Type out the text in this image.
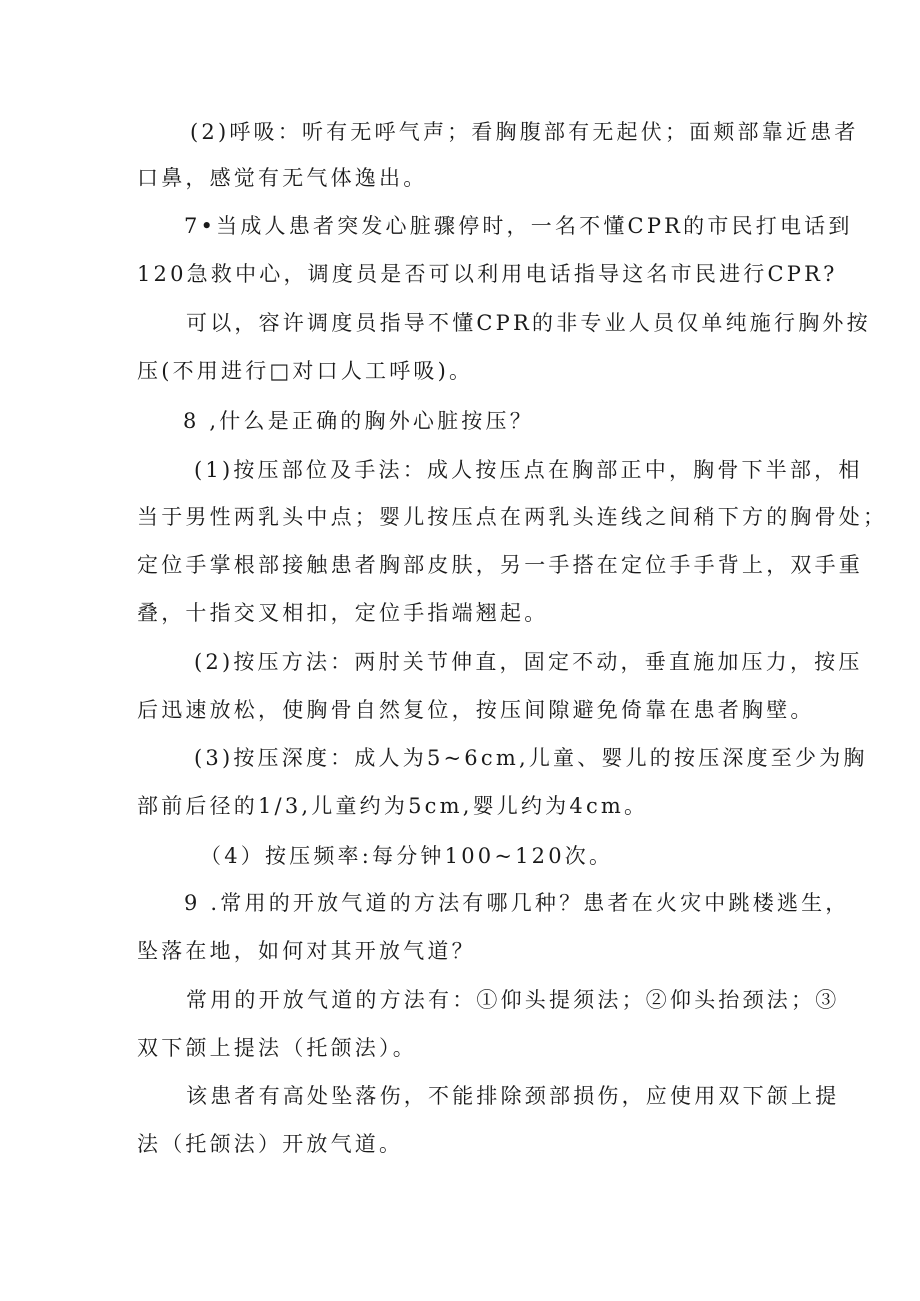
(2)呼吸：听有无呼气声；看胸腹部有无起伏；面颊部靠近患者
口鼻，感觉有无气体逸出。
7•当成人患者突发心脏骤停时，一名不懂CPR的市民打电话到
120急救中心，调度员是否可以利用电话指导这名市民进行CPR?
可以，容许调度员指导不懂CPR的非专业人员仅单纯施行胸外按
压(不用进行□对口人工呼吸)。
8 ,什么是正确的胸外心脏按压？
(1)按压部位及手法：成人按压点在胸部正中，胸骨下半部，相
当于男性两乳头中点；婴儿按压点在两乳头连线之间稍下方的胸骨处；
定位手掌根部接触患者胸部皮肤，另一手搭在定位手手背上，双手重
叠，十指交叉相扣，定位手指端翘起。
(2)按压方法：两肘关节伸直，固定不动，垂直施加压力，按压
后迅速放松，使胸骨自然复位，按压间隙避免倚靠在患者胸壁。
(3)按压深度：成人为5~6cm,儿童、婴儿的按压深度至少为胸
部前后径的1/3,儿童约为5cm,婴儿约为4cm。
（4）按压频率:每分钟100~120次。
9 .常用的开放气道的方法有哪几种？患者在火灾中跳楼逃生，
坠落在地，如何对其开放气道？
常用的开放气道的方法有：①仰头提须法；②仰头抬颈法；③
双下颌上提法（托颌法）。
该患者有高处坠落伤，不能排除颈部损伤，应使用双下颌上提
法（托颌法）开放气道。
